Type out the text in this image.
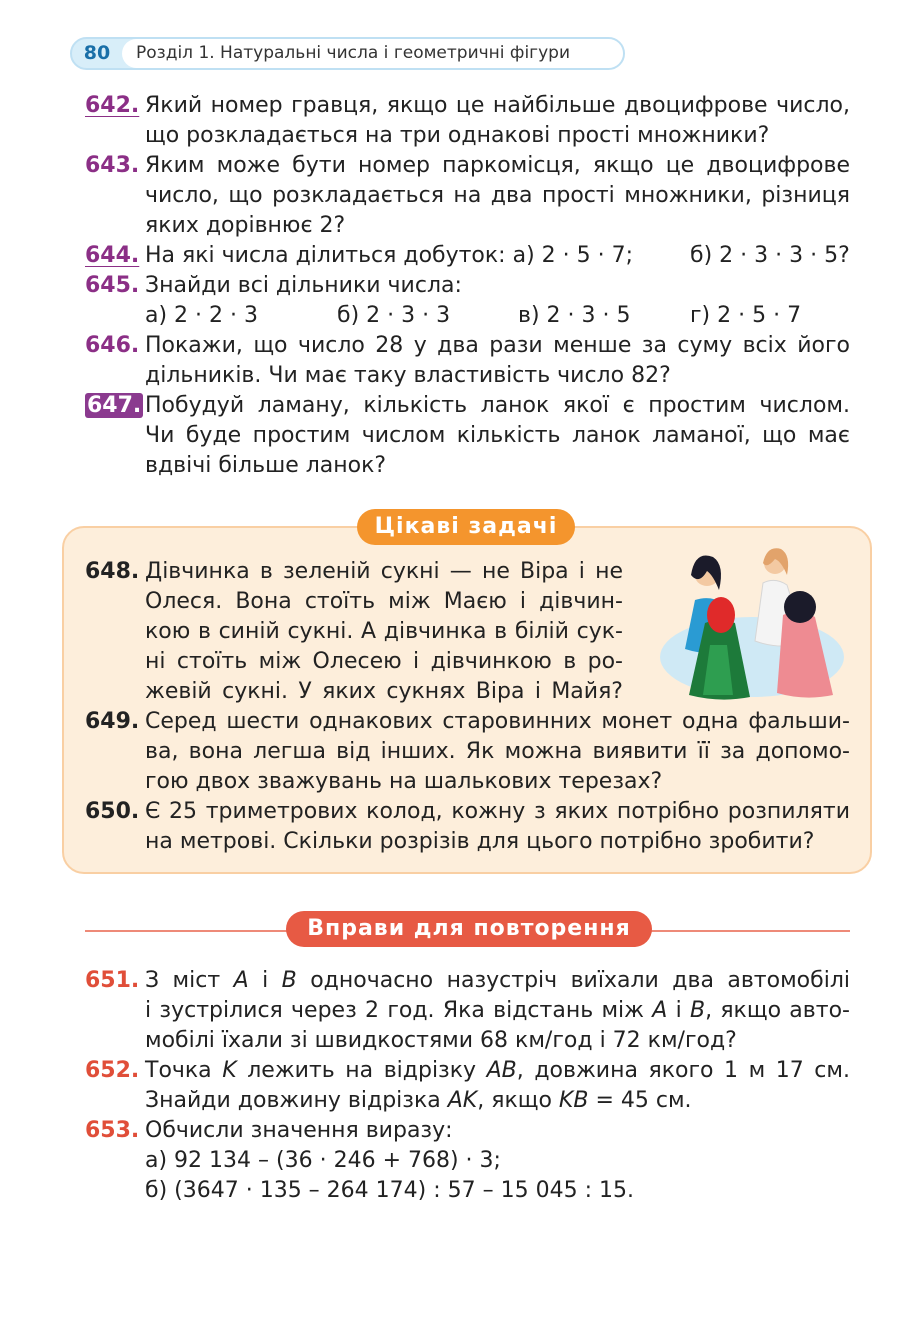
80	Розділ 1. Натуральні числа і геометричні фігури
642. Який номер гравця, якщо це найбільше двоцифрове число,
що розкладається на три однакові прості множники?
643. Яким може бути номер паркомісця, якщо це двоцифрове
число, що розкладається на два прості множники, різниця
яких дорівнює 2?
644. На які числа ділиться добуток: а) 2 · 5 · 7;	б) 2 · 3 · 3 · 5?
645. Знайди всі дільники числа:
а) 2 · 2 · 3	б) 2 · 3 · 3	в) 2 · 3 · 5	г) 2 · 5 · 7
646. Покажи, що число 28 у два рази менше за суму всіх його
дільників. Чи має таку властивість число 82?
647. Побудуй ламану, кількість ланок якої є простим числом.
Чи буде простим числом кількість ланок ламаної, що має
вдвічі більше ланок?
Цікаві задачі
648. Дівчинка в зеленій сукні — не Віра і не
Олеся. Вона стоїть між Маєю і дівчин-
кою в синій сукні. А дівчинка в білій сук-
ні стоїть між Олесею і дівчинкою в ро-
жевій сукні. У яких сукнях Віра і Майя?
649. Серед шести однакових старовинних монет одна фальши-
ва, вона легша від інших. Як можна виявити її за допомо-
гою двох зважувань на шалькових терезах?
650. Є 25 триметрових колод, кожну з яких потрібно розпиляти
на метрові. Скільки розрізів для цього потрібно зробити?
Вправи для повторення
651. З міст А і В одночасно назустріч виїхали два автомобілі
і зустрілися через 2 год. Яка відстань між А і В, якщо авто-
мобілі їхали зі швидкостями 68 км/год і 72 км/год?
652. Точка K лежить на відрізку AB, довжина якого 1 м 17 см.
Знайди довжину відрізка AK, якщо KB = 45 см.
653. Обчисли значення виразу:
а) 92 134 – (36 · 246 + 768) · 3;
б) (3647 · 135 – 264 174) : 57 – 15 045 : 15.
